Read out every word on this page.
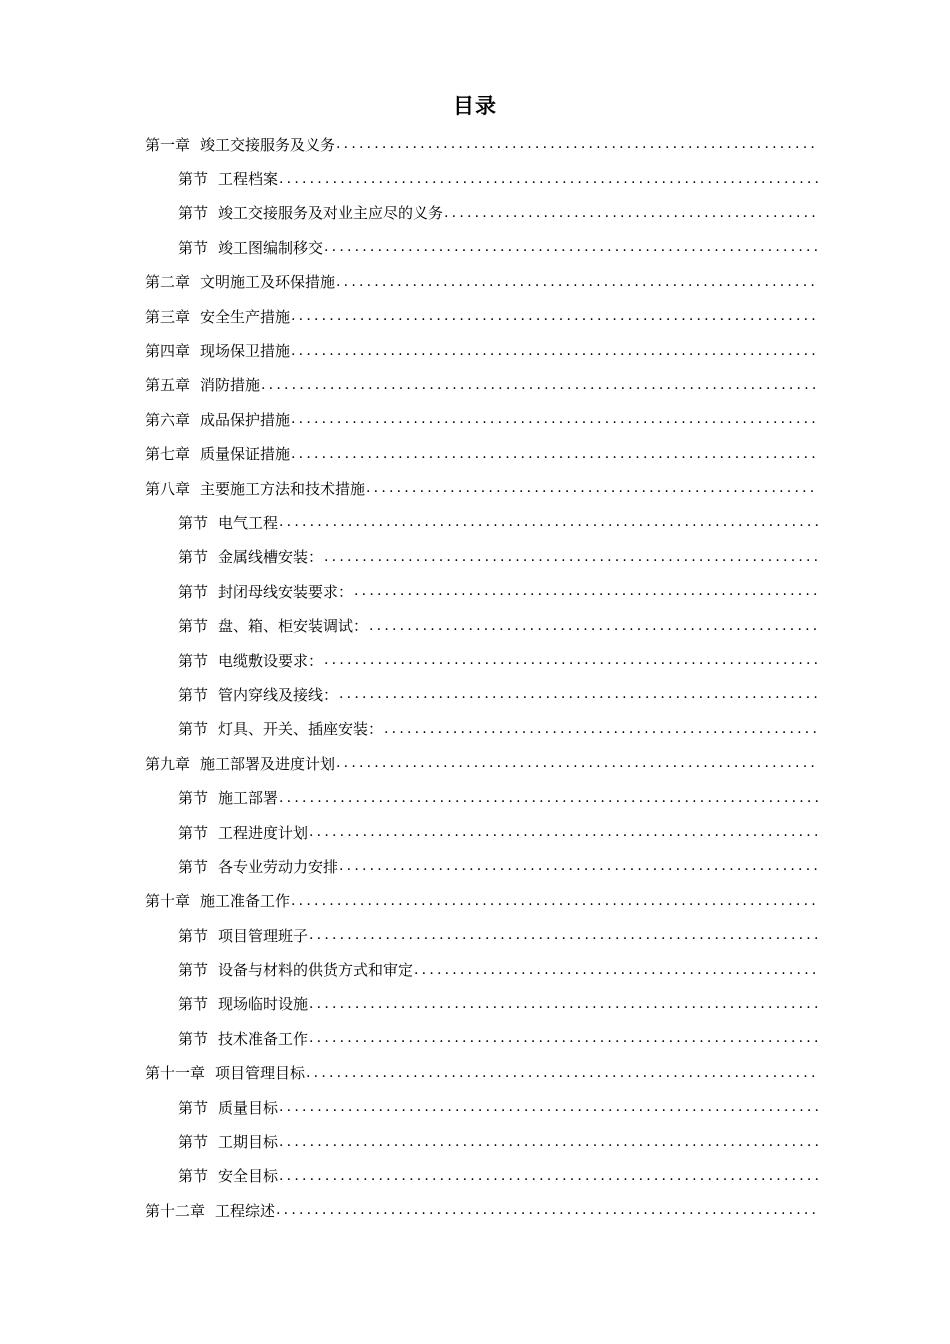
目录
第一章 竣工交接服务及义务
.....
第节 工程档案
.....
第节 竣工交接服务及对业主应尽的义务
.....
第节 竣工图编制移交
.....
第二章 文明施工及环保措施
.....
第三章 安全生产措施
.....
第四章 现场保卫措施
.....
第五章 消防措施
.....
第六章 成品保护措施
.....
第七章 质量保证措施
.....
第八章 主要施工方法和技术措施
.....
第节 电气工程
.....
第节 金属线槽安装：
.....
第节 封闭母线安装要求：
.....
第节 盘、箱、柜安装调试：
.....
第节 电缆敷设要求：
.....
第节 管内穿线及接线：
.....
第节 灯具、开关、插座安装：
.....
第九章 施工部署及进度计划
.....
第节 施工部署
.....
第节 工程进度计划
.....
第节 各专业劳动力安排
.....
第十章 施工准备工作
.....
第节 项目管理班子
.....
第节 设备与材料的供货方式和审定
.....
第节 现场临时设施
.....
第节 技术准备工作
.....
第十一章 项目管理目标
.....
第节 质量目标
.....
第节 工期目标
.....
第节 安全目标
.....
第十二章 工程综述
.....
